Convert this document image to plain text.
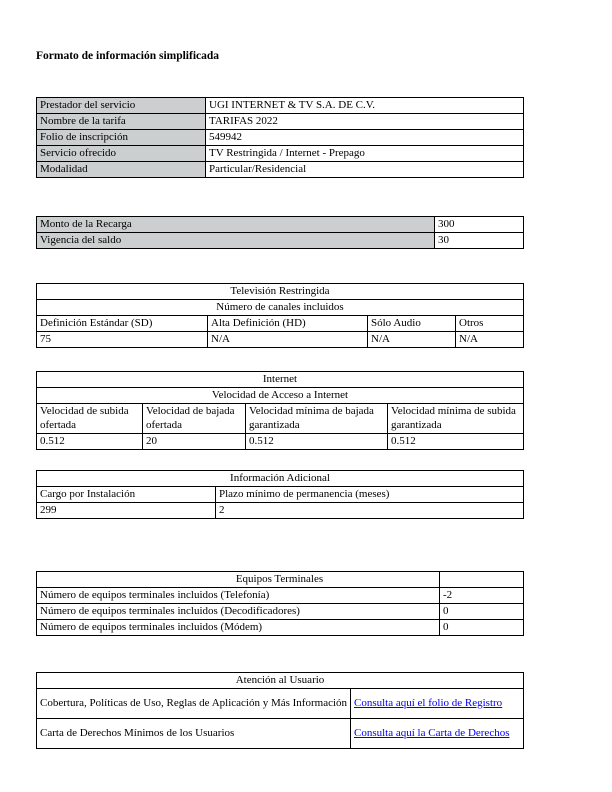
Formato de información simplificada
Prestador del servicio	UGI INTERNET & TV S.A. DE C.V.
Nombre de la tarifa	TARIFAS 2022
Folio de inscripción	549942
Servicio ofrecido	TV Restringida / Internet - Prepago
Modalidad	Particular/Residencial
Monto de la Recarga	300
Vigencia del saldo	30
Televisión Restringida			
Número de canales incluidos			
Definición Estándar (SD)	Alta Definición (HD)	Sólo Audio	Otros
75	N/A	N/A	N/A
Internet			
Velocidad de Acceso a Internet			
Velocidad de subida ofertada	Velocidad de bajada ofertada	Velocidad mínima de bajada garantizada	Velocidad mínima de subida garantizada
0.512	20	0.512	0.512
Información Adicional	
Cargo por Instalación	Plazo mínimo de permanencia (meses)
299	2
Equipos Terminales	
Número de equipos terminales incluidos (Telefonía)	-2
Número de equipos terminales incluidos (Decodificadores)	0
Número de equipos terminales incluidos (Módem)	0
Atención al Usuario	
Cobertura, Políticas de Uso, Reglas de Aplicación y Más Información	Consulta aquí el folio de Registro
Carta de Derechos Mínimos de los Usuarios	Consulta aquí la Carta de Derechos
